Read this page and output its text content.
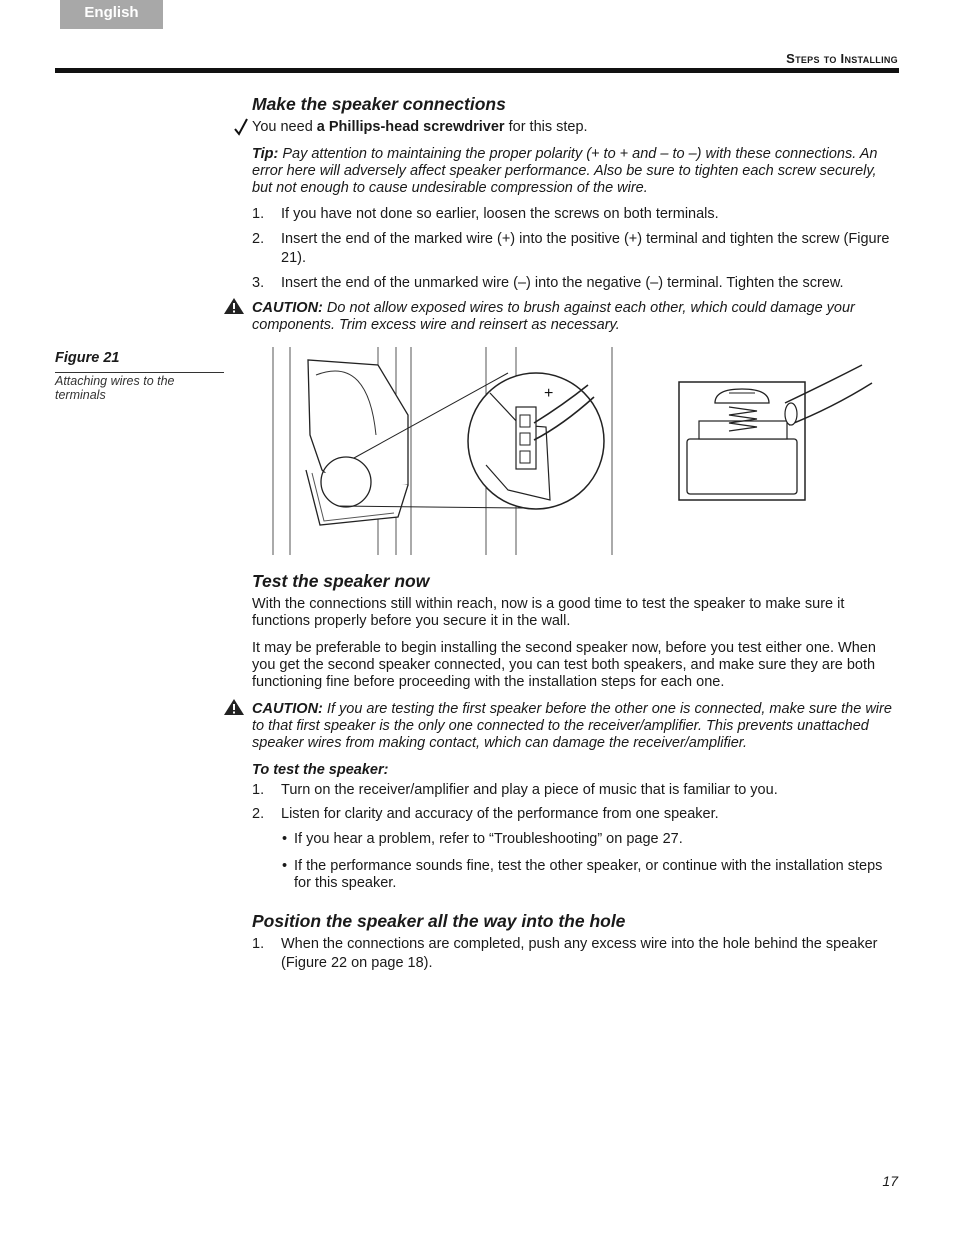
English
Steps to Installing
Make the speaker connections
You need a Phillips-head screwdriver for this step.
Tip: Pay attention to maintaining the proper polarity (+ to + and – to –) with these connections. An error here will adversely affect speaker performance. Also be sure to tighten each screw securely, but not enough to cause undesirable compression of the wire.
1. If you have not done so earlier, loosen the screws on both terminals.
2. Insert the end of the marked wire (+) into the positive (+) terminal and tighten the screw (Figure 21).
3. Insert the end of the unmarked wire (–) into the negative (–) terminal. Tighten the screw.
CAUTION: Do not allow exposed wires to brush against each other, which could damage your components. Trim excess wire and reinsert as necessary.
Figure 21
Attaching wires to the terminals	+
Test the speaker now
With the connections still within reach, now is a good time to test the speaker to make sure it functions properly before you secure it in the wall.
It may be preferable to begin installing the second speaker now, before you test either one. When you get the second speaker connected, you can test both speakers, and make sure they are both functioning fine before proceeding with the installation steps for each one.
CAUTION: If you are testing the first speaker before the other one is connected, make sure the wire to that first speaker is the only one connected to the receiver/amplifier. This prevents unattached speaker wires from making contact, which can damage the receiver/amplifier.
To test the speaker:
1. Turn on the receiver/amplifier and play a piece of music that is familiar to you.
2. Listen for clarity and accuracy of the performance from one speaker.
• If you hear a problem, refer to “Troubleshooting” on page 27.
• If the performance sounds fine, test the other speaker, or continue with the installation steps for this speaker.
Position the speaker all the way into the hole
1. When the connections are completed, push any excess wire into the hole behind the speaker (Figure 22 on page 18).
17
